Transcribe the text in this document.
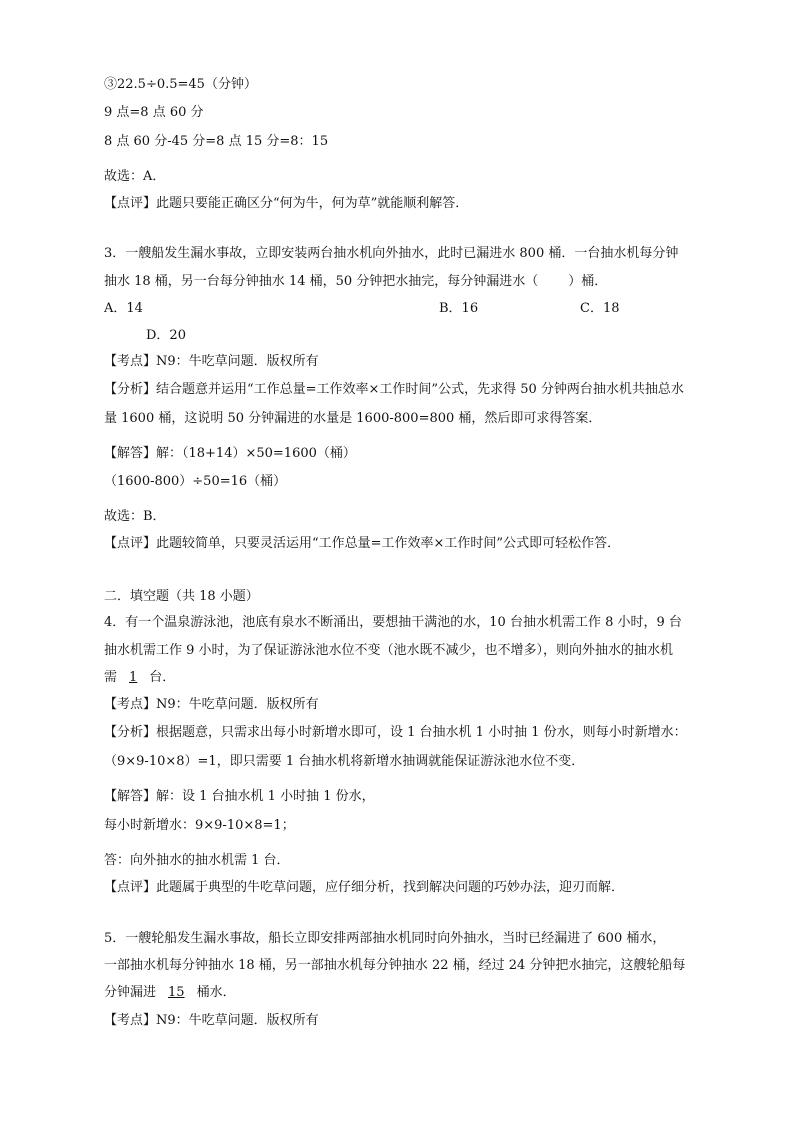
③22.5÷0.5=45（分钟）
9 点=8 点 60 分
8 点 60 分-45 分=8 点 15 分=8：15
故选：A．
【点评】此题只要能正确区分“何为牛，何为草”就能顺利解答．
3．一艘船发生漏水事故，立即安装两台抽水机向外抽水，此时已漏进水 800 桶．一台抽水机每分钟
抽水 18 桶，另一台每分钟抽水 14 桶，50 分钟把水抽完，每分钟漏进水（ ）桶．
A．14	B．16	C．18
D．20
【考点】N9：牛吃草问题．版权所有
【分析】结合题意并运用“工作总量=工作效率×工作时间”公式，先求得 50 分钟两台抽水机共抽总水
量 1600 桶，这说明 50 分钟漏进的水量是 1600-800=800 桶，然后即可求得答案．
【解答】解：（18+14）×50=1600（桶）
（1600-800）÷50=16（桶）
故选：B．
【点评】此题较简单，只要灵活运用“工作总量=工作效率×工作时间”公式即可轻松作答．
二．填空题（共 18 小题）
4．有一个温泉游泳池，池底有泉水不断涌出，要想抽干满池的水，10 台抽水机需工作 8 小时，9 台
抽水机需工作 9 小时，为了保证游泳池水位不变（池水既不减少，也不增多），则向外抽水的抽水机
需 1 台．
【考点】N9：牛吃草问题．版权所有
【分析】根据题意，只需求出每小时新增水即可，设 1 台抽水机 1 小时抽 1 份水，则每小时新增水：
（9×9-10×8）=1，即只需要 1 台抽水机将新增水抽调就能保证游泳池水位不变．
【解答】解：设 1 台抽水机 1 小时抽 1 份水，
每小时新增水：9×9-10×8=1；
答：向外抽水的抽水机需 1 台．
【点评】此题属于典型的牛吃草问题，应仔细分析，找到解决问题的巧妙办法，迎刃而解．
5．一艘轮船发生漏水事故，船长立即安排两部抽水机同时向外抽水，当时已经漏进了 600 桶水，
一部抽水机每分钟抽水 18 桶，另一部抽水机每分钟抽水 22 桶，经过 24 分钟把水抽完，这艘轮船每
分钟漏进 15 桶水．
【考点】N9：牛吃草问题．版权所有
